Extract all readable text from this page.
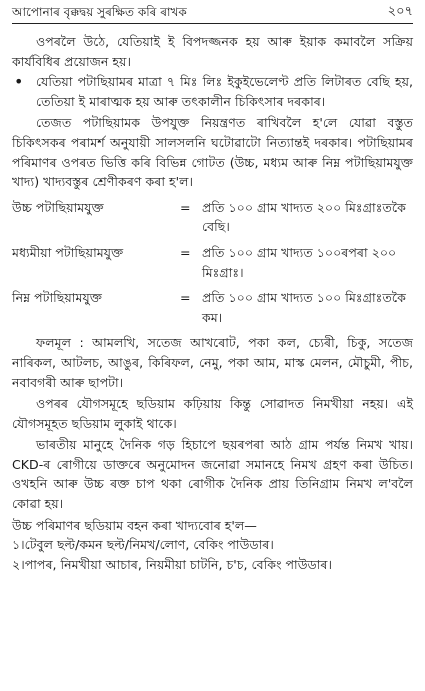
আপোনাৰ বৃক্কদ্বয় সুৰক্ষিত কৰি ৰাখক	২০৭

ওপৰলৈ উঠে, যেতিয়াই ই বিপদজ্জনক হয় আৰু ইয়াক কমাবলৈ সক্ৰিয় কাৰ্যবিধিৰ প্ৰয়োজন হয়।

• যেতিয়া পটাছিয়ামৰ মাত্ৰা ৭ মিঃ লিঃ ইকুইভেলেণ্ট প্ৰতি লিটাৰত বেছি হয়, তেতিয়া ই মাৰাত্মক হয় আৰু তৎকালীন চিকিৎসাৰ দৰকাৰ।

তেজত পটাছিয়ামক উপযুক্ত নিয়ন্ত্ৰণত ৰাখিবলৈ হ'লে যোৱা বস্তুত চিকিৎসকৰ পৰামৰ্শ অনুযায়ী সালসলনি ঘটোৱাটো নিত্যান্তই দৰকাৰ। পটাছিয়ামৰ পৰিমাণৰ ওপৰত ভিত্তি কৰি বিভিন্ন গোটত (উচ্চ, মধ্যম আৰু নিম্ন পটাছিয়ামযুক্ত খাদ্য) খাদ্যবস্তুৰ শ্ৰেণীকৰণ কৰা হ'ল।

উচ্চ পটাছিয়ামযুক্ত	= প্ৰতি ১০০ গ্ৰাম খাদ্যত ২০০ মিঃগ্ৰাঃতকৈ বেছি।
মধ্যমীয়া পটাছিয়ামযুক্ত	= প্ৰতি ১০০ গ্ৰাম খাদ্যত ১০০ৰপৰা ২০০ মিঃগ্ৰাঃ।
নিম্ন পটাছিয়ামযুক্ত	= প্ৰতি ১০০ গ্ৰাম খাদ্যত ১০০ মিঃগ্ৰাঃতকৈ কম।

ফলমূল : আমলখি, সতেজ আখৰোট, পকা কল, চ্যেৰী, চিকু, সতেজ নাৰিকল, আটলচ, আঙুৰ, কিৰিফল, নেমু, পকা আম, মাস্ক মেলন, মৌচুমী, পীচ, নবাবগৰী আৰু ছাপটা।

ওপৰৰ যৌগসমূহে ছডিয়াম কঢ়িয়ায় কিন্তু সোৱাদত নিমখীয়া নহয়। এই যৌগসমূহত ছডিয়াম লুকাই থাকে।

ভাৰতীয় মানুহে দৈনিক গড় হিচাপে ছয়ৰপৰা আঠ গ্ৰাম পৰ্যন্ত নিমখ খায়। CKD-ৰ ৰোগীয়ে ডাক্তৰে অনুমোদন জনোৱা সমানহে নিমখ গ্ৰহণ কৰা উচিত। ওখহনি আৰু উচ্চ ৰক্ত চাপ থকা ৰোগীক দৈনিক প্ৰায় তিনিগ্ৰাম নিমখ ল'বলৈ কোৱা হয়।

উচ্চ পৰিমাণৰ ছডিয়াম বহন কৰা খাদ্যবোৰ হ'ল—

১।টেবুল ছল্ট/কমন ছল্ট/নিমখ/লোণ, বেকিং পাউডাৰ।

২।পাপৰ, নিমখীয়া আচাৰ, নিয়মীয়া চাটনি, চ'চ, বেকিং পাউডাৰ।
